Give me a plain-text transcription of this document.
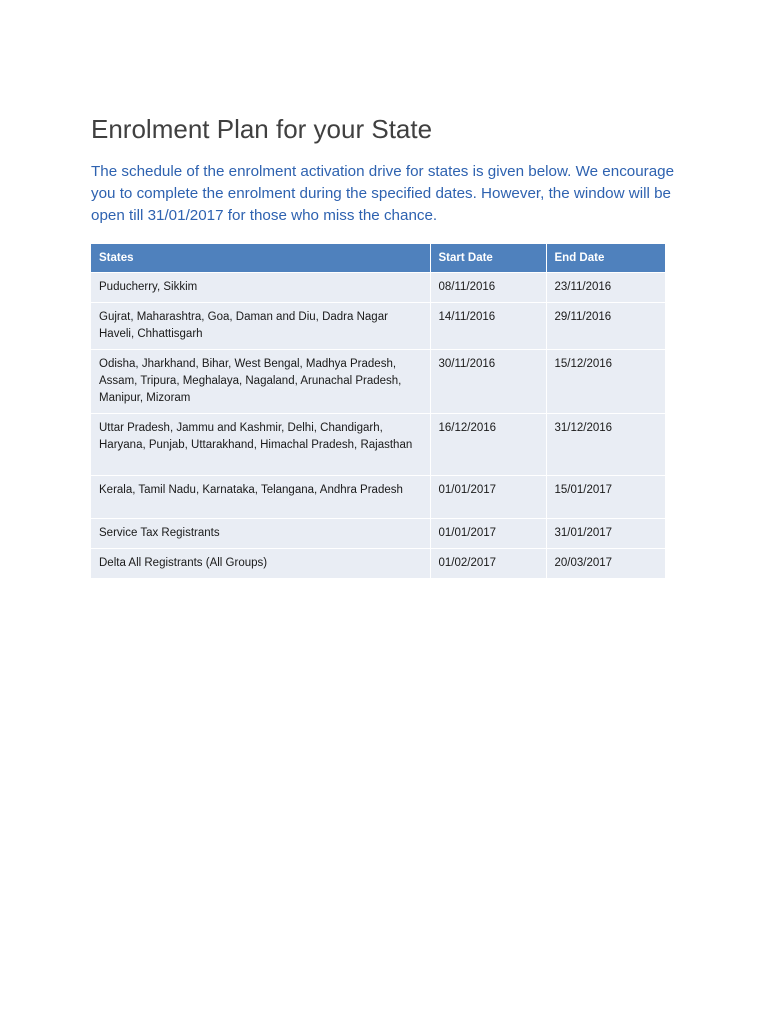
Enrolment Plan for your State

The schedule of the enrolment activation drive for states is given below. We encourage you to complete the enrolment during the specified dates. However, the window will be open till 31/01/2017 for those who miss the chance.

States	Start Date	End Date
Puducherry, Sikkim	08/11/2016	23/11/2016
Gujrat, Maharashtra, Goa, Daman and Diu, Dadra Nagar Haveli, Chhattisgarh	14/11/2016	29/11/2016
Odisha, Jharkhand, Bihar, West Bengal, Madhya Pradesh, Assam, Tripura, Meghalaya, Nagaland, Arunachal Pradesh, Manipur, Mizoram	30/11/2016	15/12/2016
Uttar Pradesh, Jammu and Kashmir, Delhi, Chandigarh, Haryana, Punjab, Uttarakhand, Himachal Pradesh, Rajasthan	16/12/2016	31/12/2016
Kerala, Tamil Nadu, Karnataka, Telangana, Andhra Pradesh	01/01/2017	15/01/2017
Service Tax Registrants	01/01/2017	31/01/2017
Delta All Registrants (All Groups)	01/02/2017	20/03/2017
